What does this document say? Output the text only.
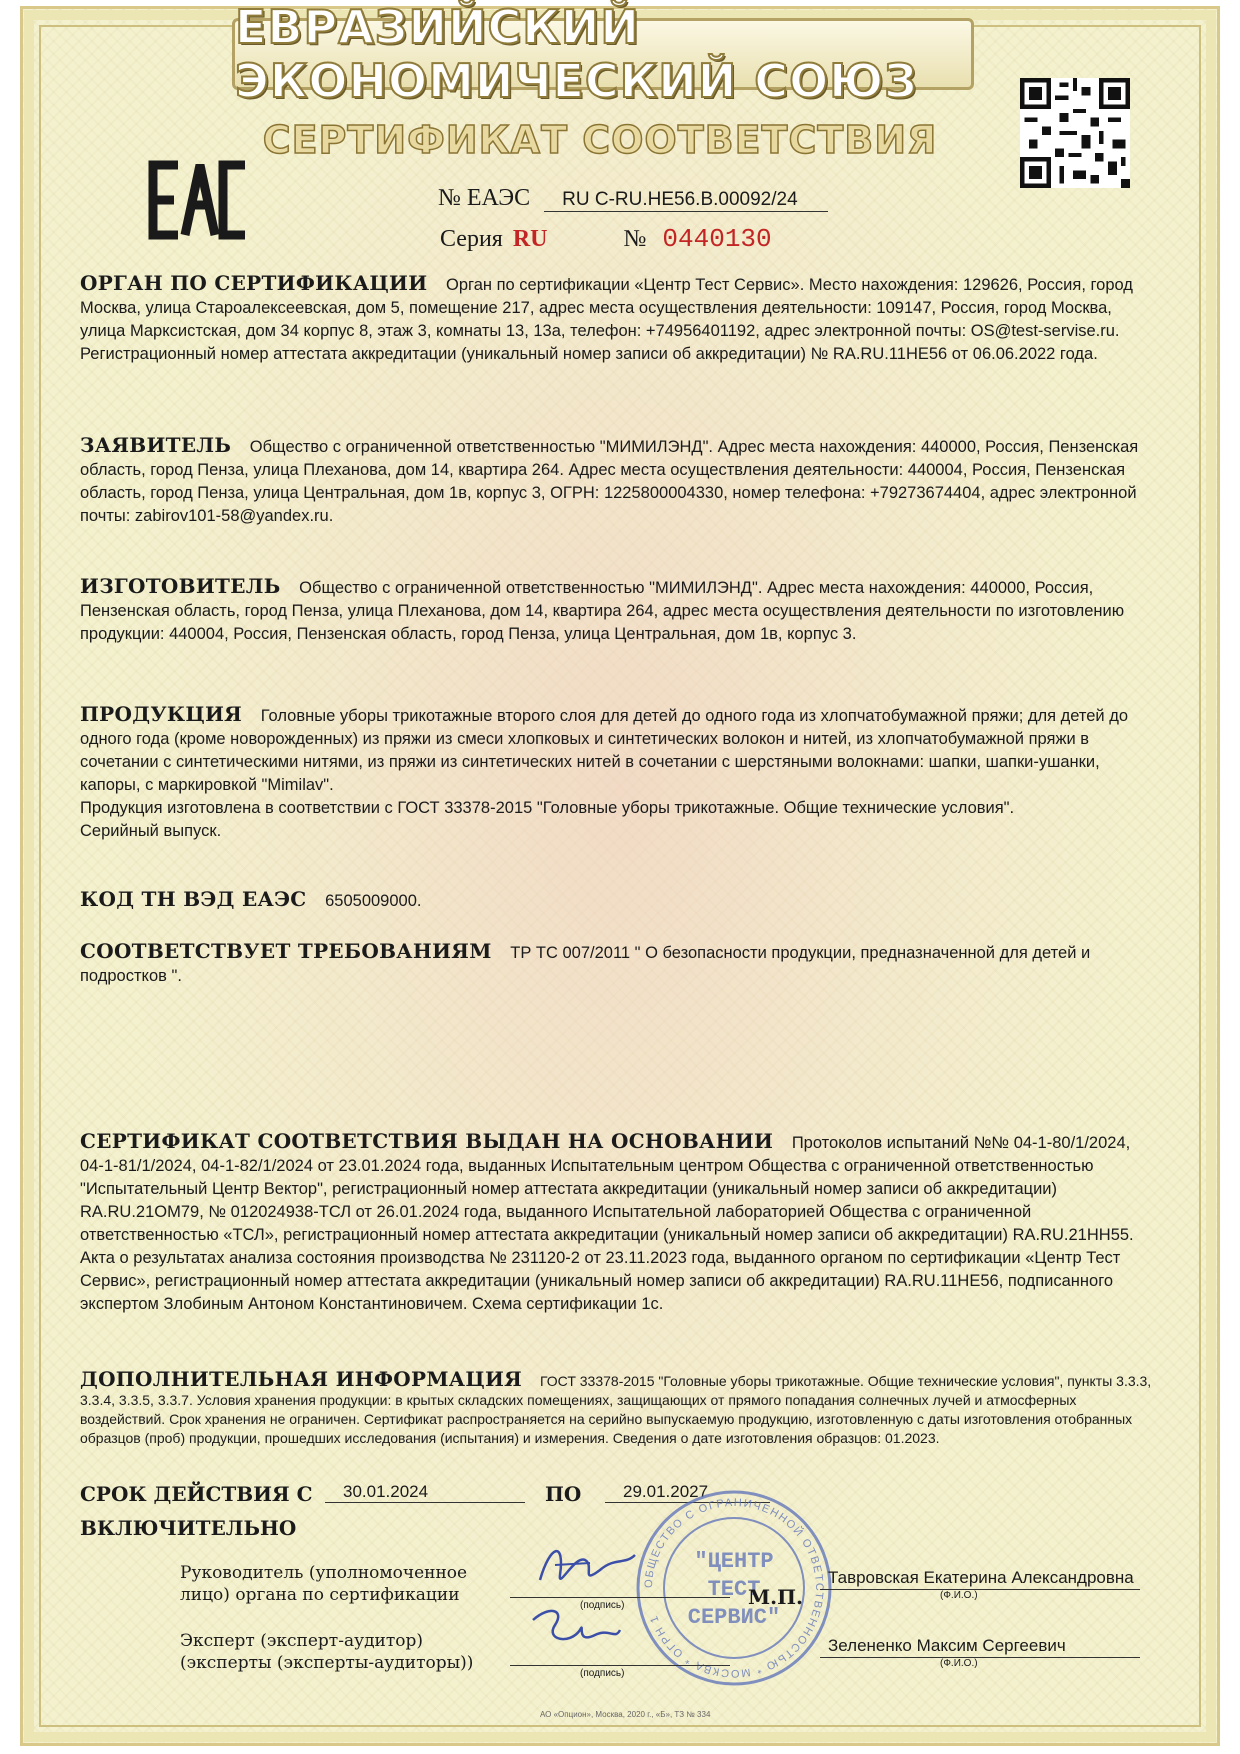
ЕВРАЗИЙСКИЙ ЭКОНОМИЧЕСКИЙ СОЮЗ
СЕРТИФИКАТ СООТВЕТСТВИЯ
№ ЕАЭС RU C-RU.HE56.B.00092/24
Серия RU	№ 0440130
ОРГАН ПО СЕРТИФИКАЦИИ Орган по сертификации «Центр Тест Сервис». Место нахождения: 129626, Россия, город Москва, улица Староалексеевская, дом 5, помещение 217, адрес места осуществления деятельности: 109147, Россия, город Москва, улица Марксистская, дом 34 корпус 8, этаж 3, комнаты 13, 13а, телефон: +74956401192, адрес электронной почты: OS@test-servise.ru. Регистрационный номер аттестата аккредитации (уникальный номер записи об аккредитации) № RA.RU.11HE56 от 06.06.2022 года.

ЗАЯВИТЕЛЬ Общество с ограниченной ответственностью "МИМИЛЭНД". Адрес места нахождения: 440000, Россия, Пензенская область, город Пенза, улица Плеханова, дом 14, квартира 264. Адрес места осуществления деятельности: 440004, Россия, Пензенская область, город Пенза, улица Центральная, дом 1в, корпус 3, ОГРН: 1225800004330, номер телефона: +79273674404, адрес электронной почты: zabirov101-58@yandex.ru.

ИЗГОТОВИТЕЛЬ Общество с ограниченной ответственностью "МИМИЛЭНД". Адрес места нахождения: 440000, Россия, Пензенская область, город Пенза, улица Плеханова, дом 14, квартира 264, адрес места осуществления деятельности по изготовлению продукции: 440004, Россия, Пензенская область, город Пенза, улица Центральная, дом 1в, корпус 3.

ПРОДУКЦИЯ Головные уборы трикотажные второго слоя для детей до одного года из хлопчатобумажной пряжи; для детей до одного года (кроме новорожденных) из пряжи из смеси хлопковых и синтетических волокон и нитей, из хлопчатобумажной пряжи в сочетании с синтетическими нитями, из пряжи из синтетических нитей в сочетании с шерстяными волокнами: шапки, шапки-ушанки, капоры, с маркировкой "Mimilav".

Продукция изготовлена в соответствии с ГОСТ 33378-2015 "Головные уборы трикотажные. Общие технические условия".
Серийный выпуск.
КОД ТН ВЭД ЕАЭС 6505009000.

СООТВЕТСТВУЕТ ТРЕБОВАНИЯМ ТР ТС 007/2011 " О безопасности продукции, предназначенной для детей и подростков ".

СЕРТИФИКАТ СООТВЕТСТВИЯ ВЫДАН НА ОСНОВАНИИ Протоколов испытаний №№ 04-1-80/1/2024, 04-1-81/1/2024, 04-1-82/1/2024 от 23.01.2024 года, выданных Испытательным центром Общества с ограниченной ответственностью "Испытательный Центр Вектор", регистрационный номер аттестата аккредитации (уникальный номер записи об аккредитации) RA.RU.21OM79, № 012024938-ТСЛ от 26.01.2024 года, выданного Испытательной лабораторией Общества с ограниченной ответственностью «ТСЛ», регистрационный номер аттестата аккредитации (уникальный номер записи об аккредитации) RA.RU.21HH55. Акта о результатах анализа состояния производства № 231120-2 от 23.11.2023 года, выданного органом по сертификации «Центр Тест Сервис», регистрационный номер аттестата аккредитации (уникальный номер записи об аккредитации) RA.RU.11HE56, подписанного экспертом Злобиным Антоном Константиновичем. Схема сертификации 1с.

ДОПОЛНИТЕЛЬНАЯ ИНФОРМАЦИЯ ГОСТ 33378-2015 "Головные уборы трикотажные. Общие технические условия", пункты 3.3.3, 3.3.4, 3.3.5, 3.3.7. Условия хранения продукции: в крытых складских помещениях, защищающих от прямого попадания солнечных лучей и атмосферных воздействий. Срок хранения не ограничен. Сертификат распространяется на серийно выпускаемую продукцию, изготовленную с даты изготовления отобранных образцов (проб) продукции, прошедших исследования (испытания) и измерения. Сведения о дате изготовления образцов: 01.2023.

СРОК ДЕЙСТВИЯ С	30.01.2024	ПО	29.01.2027
ВКЛЮЧИТЕЛЬНО
ОБЩЕСТВО С ОГРАНИЧЕННОЙ ОТВЕТСТВЕННОСТЬЮ * МОСКВА * ОГРН 1
"ЦЕНТР ТЕСТ СЕРВИС"
Руководитель (уполномоченное лицо) органа по сертификации
(подпись)
Тавровская Екатерина Александровна
(Ф.И.О.)
Эксперт (эксперт-аудитор) (эксперты (эксперты-аудиторы))
(подпись)
Зелененко Максим Сергеевич
(Ф.И.О.)
М.П.
АО «Опцион», Москва, 2020 г., «Б», ТЗ № 334
